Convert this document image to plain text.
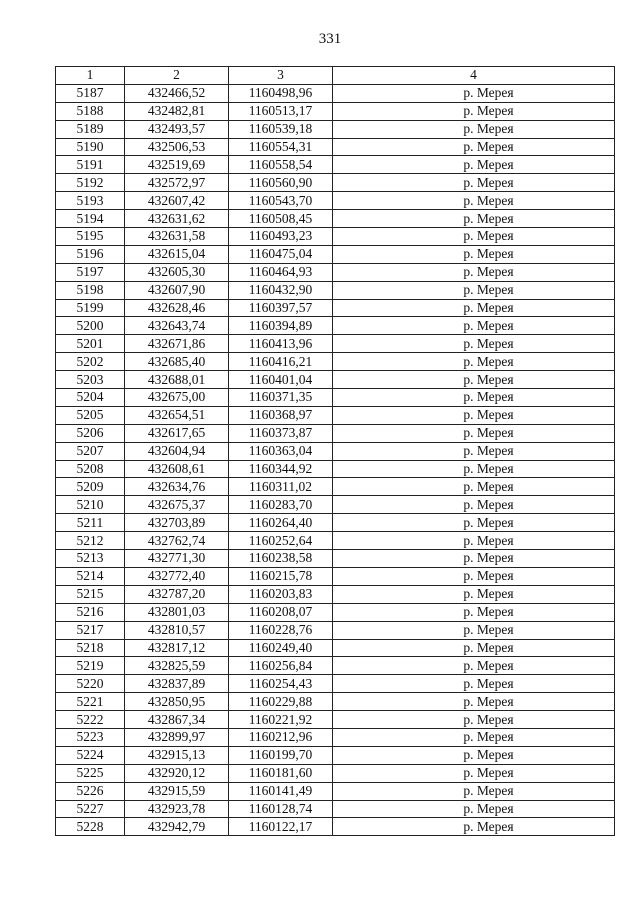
331
1	2	3	4
5187	432466,52	1160498,96	р. Мерея
5188	432482,81	1160513,17	р. Мерея
5189	432493,57	1160539,18	р. Мерея
5190	432506,53	1160554,31	р. Мерея
5191	432519,69	1160558,54	р. Мерея
5192	432572,97	1160560,90	р. Мерея
5193	432607,42	1160543,70	р. Мерея
5194	432631,62	1160508,45	р. Мерея
5195	432631,58	1160493,23	р. Мерея
5196	432615,04	1160475,04	р. Мерея
5197	432605,30	1160464,93	р. Мерея
5198	432607,90	1160432,90	р. Мерея
5199	432628,46	1160397,57	р. Мерея
5200	432643,74	1160394,89	р. Мерея
5201	432671,86	1160413,96	р. Мерея
5202	432685,40	1160416,21	р. Мерея
5203	432688,01	1160401,04	р. Мерея
5204	432675,00	1160371,35	р. Мерея
5205	432654,51	1160368,97	р. Мерея
5206	432617,65	1160373,87	р. Мерея
5207	432604,94	1160363,04	р. Мерея
5208	432608,61	1160344,92	р. Мерея
5209	432634,76	1160311,02	р. Мерея
5210	432675,37	1160283,70	р. Мерея
5211	432703,89	1160264,40	р. Мерея
5212	432762,74	1160252,64	р. Мерея
5213	432771,30	1160238,58	р. Мерея
5214	432772,40	1160215,78	р. Мерея
5215	432787,20	1160203,83	р. Мерея
5216	432801,03	1160208,07	р. Мерея
5217	432810,57	1160228,76	р. Мерея
5218	432817,12	1160249,40	р. Мерея
5219	432825,59	1160256,84	р. Мерея
5220	432837,89	1160254,43	р. Мерея
5221	432850,95	1160229,88	р. Мерея
5222	432867,34	1160221,92	р. Мерея
5223	432899,97	1160212,96	р. Мерея
5224	432915,13	1160199,70	р. Мерея
5225	432920,12	1160181,60	р. Мерея
5226	432915,59	1160141,49	р. Мерея
5227	432923,78	1160128,74	р. Мерея
5228	432942,79	1160122,17	р. Мерея
